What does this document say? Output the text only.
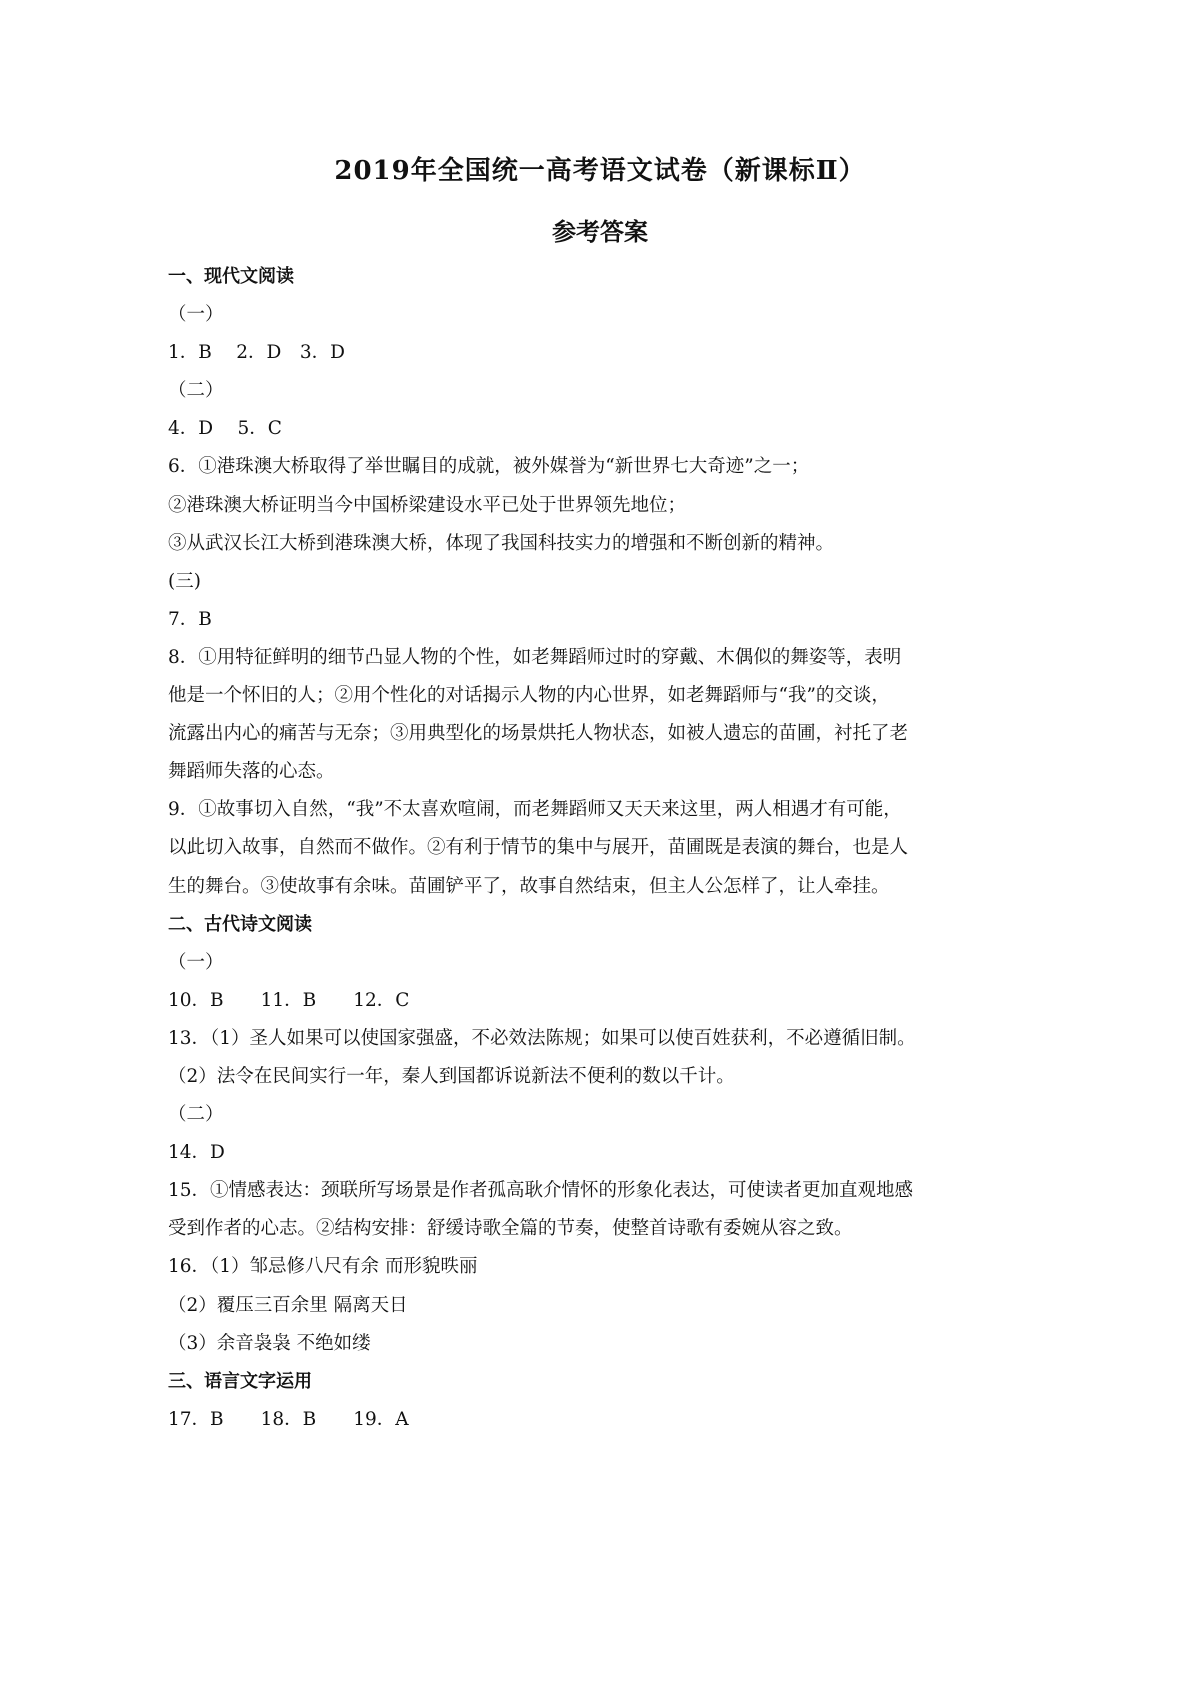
2019年全国统一高考语文试卷（新课标Ⅱ）
参考答案
一、现代文阅读
（一）
1．B　 2．D　3．D
（二）
4．D　 5．C
6．①港珠澳大桥取得了举世瞩目的成就，被外媒誉为“新世界七大奇迹”之一；
②港珠澳大桥证明当今中国桥梁建设水平已处于世界领先地位；
③从武汉长江大桥到港珠澳大桥，体现了我国科技实力的增强和不断创新的精神。
(三)
7．B
8．①用特征鲜明的细节凸显人物的个性，如老舞蹈师过时的穿戴、木偶似的舞姿等，表明
他是一个怀旧的人；②用个性化的对话揭示人物的内心世界，如老舞蹈师与“我”的交谈，
流露出内心的痛苦与无奈；③用典型化的场景烘托人物状态，如被人遗忘的苗圃，衬托了老
舞蹈师失落的心态。
9．①故事切入自然，“我”不太喜欢喧闹，而老舞蹈师又天天来这里，两人相遇才有可能，
以此切入故事，自然而不做作。②有利于情节的集中与展开，苗圃既是表演的舞台，也是人
生的舞台。③使故事有余味。苗圃铲平了，故事自然结束，但主人公怎样了，让人牵挂。
二、古代诗文阅读
（一）
10．B　　11．B　　12．C
13．（1）圣人如果可以使国家强盛，不必效法陈规；如果可以使百姓获利，不必遵循旧制。
（2）法令在民间实行一年，秦人到国都诉说新法不便利的数以千计。
（二）
14．D
15．①情感表达：颈联所写场景是作者孤高耿介情怀的形象化表达，可使读者更加直观地感
受到作者的心志。②结构安排：舒缓诗歌全篇的节奏，使整首诗歌有委婉从容之致。
16．（1）邹忌修八尺有余 而形貌昳丽
（2）覆压三百余里 隔离天日
（3）余音袅袅 不绝如缕
三、语言文字运用
17．B　　18．B　　19．A
